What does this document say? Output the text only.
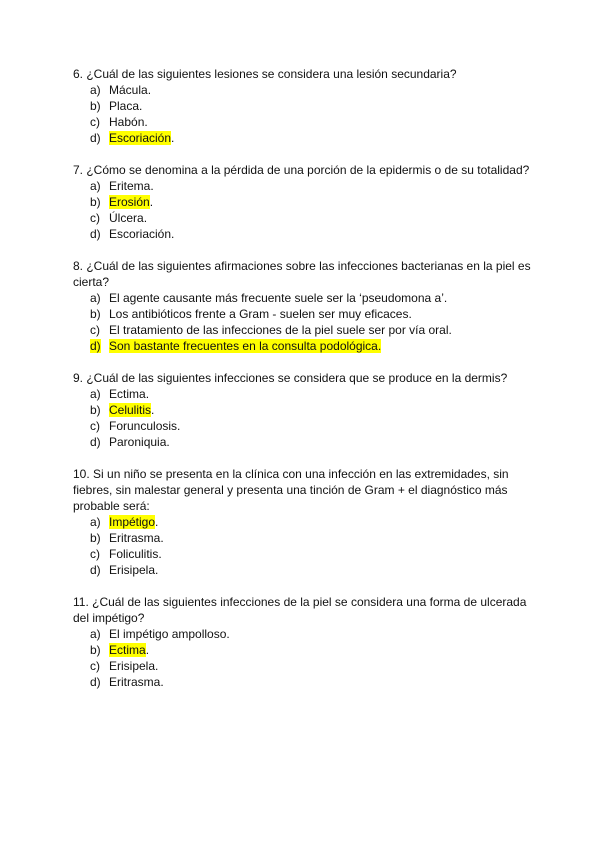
6. ¿Cuál de las siguientes lesiones se considera una lesión secundaria?

a) Mácula.
b) Placa.
c) Habón.
d) Escoriación.

7. ¿Cómo se denomina a la pérdida de una porción de la epidermis o de su totalidad?

a) Eritema.
b) Erosión.
c) Úlcera.
d) Escoriación.

8. ¿Cuál de las siguientes afirmaciones sobre las infecciones bacterianas en la piel es cierta?

a) El agente causante más frecuente suele ser la ‘pseudomona a’.
b) Los antibióticos frente a Gram - suelen ser muy eficaces.
c) El tratamiento de las infecciones de la piel suele ser por vía oral.
d) Son bastante frecuentes en la consulta podológica.

9. ¿Cuál de las siguientes infecciones se considera que se produce en la dermis?

a) Ectima.
b) Celulitis.
c) Forunculosis.
d) Paroniquia.

10. Si un niño se presenta en la clínica con una infección en las extremidades, sin fiebres, sin malestar general y presenta una tinción de Gram + el diagnóstico más probable será:

a) Impétigo.
b) Eritrasma.
c) Foliculitis.
d) Erisipela.

11. ¿Cuál de las siguientes infecciones de la piel se considera una forma de ulcerada del impétigo?

a) El impétigo ampolloso.
b) Ectima.
c) Erisipela.
d) Eritrasma.
